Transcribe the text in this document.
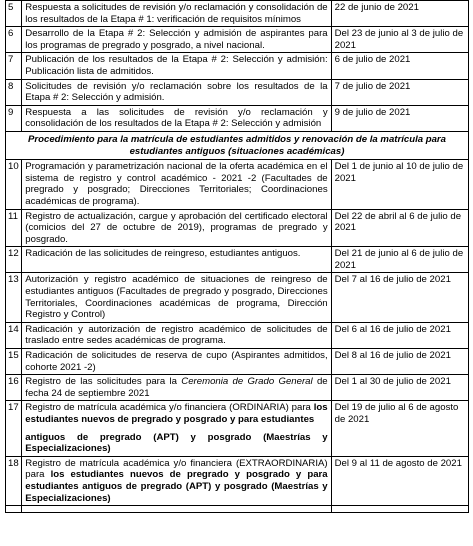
5	Respuesta a solicitudes de revisión y/o reclamación y consolidación de los resultados de la Etapa # 1: verificación de requisitos mínimos	22 de junio de 2021
6	Desarrollo de la Etapa # 2: Selección y admisión de aspirantes para los programas de pregrado y posgrado, a nivel nacional.	Del 23 de junio al 3 de julio de 2021
7	Publicación de los resultados de la Etapa # 2: Selección y admisión: Publicación lista de admitidos.	6 de julio de 2021
8	Solicitudes de revisión y/o reclamación sobre los resultados de la Etapa # 2: Selección y admisión.	7 de julio de 2021
9	Respuesta a las solicitudes de revisión y/o reclamación y consolidación de los resultados de la Etapa # 2: Selección y admisión	9 de julio de 2021
Procedimiento para la matrícula de estudiantes admitidos y renovación de la matrícula para estudiantes antiguos (situaciones académicas)		
10	Programación y parametrización nacional de la oferta académica en el sistema de registro y control académico - 2021 -2 (Facultades de pregrado y posgrado; Direcciones Territoriales; Coordinaciones académicas de programa).	Del 1 de junio al 10 de julio de 2021
11	Registro de actualización, cargue y aprobación del certificado electoral (comicios del 27 de octubre de 2019), programas de pregrado y posgrado.	Del 22 de abril al 6 de julio de 2021
12	Radicación de las solicitudes de reingreso, estudiantes antiguos.	Del 21 de junio al 6 de julio de 2021
13	Autorización y registro académico de situaciones de reingreso de estudiantes antiguos (Facultades de pregrado y posgrado, Direcciones Territoriales, Coordinaciones académicas de programa, Dirección Registro y Control)	Del 7 al 16 de julio de 2021
14	Radicación y autorización de registro académico de solicitudes de traslado entre sedes académicas de programa.	Del 6 al 16 de julio de 2021
15	Radicación de solicitudes de reserva de cupo (Aspirantes admitidos, cohorte 2021 -2)	Del 8 al 16 de julio de 2021
16	Registro de las solicitudes para la Ceremonia de Grado General de fecha 24 de septiembre 2021	Del 1 al 30 de julio de 2021
17	Registro de matrícula académica y/o financiera (ORDINARIA) para los estudiantes nuevos de pregrado y posgrado y para estudiantes
antiguos de pregrado (APT) y posgrado (Maestrías y Especializaciones)	Del 19 de julio al 6 de agosto de 2021
18	Registro de matrícula académica y/o financiera (EXTRAORDINARIA) para los estudiantes nuevos de pregrado y posgrado y para estudiantes antiguos de pregrado (APT) y posgrado (Maestrías y Especializaciones)	Del 9 al 11 de agosto de 2021
